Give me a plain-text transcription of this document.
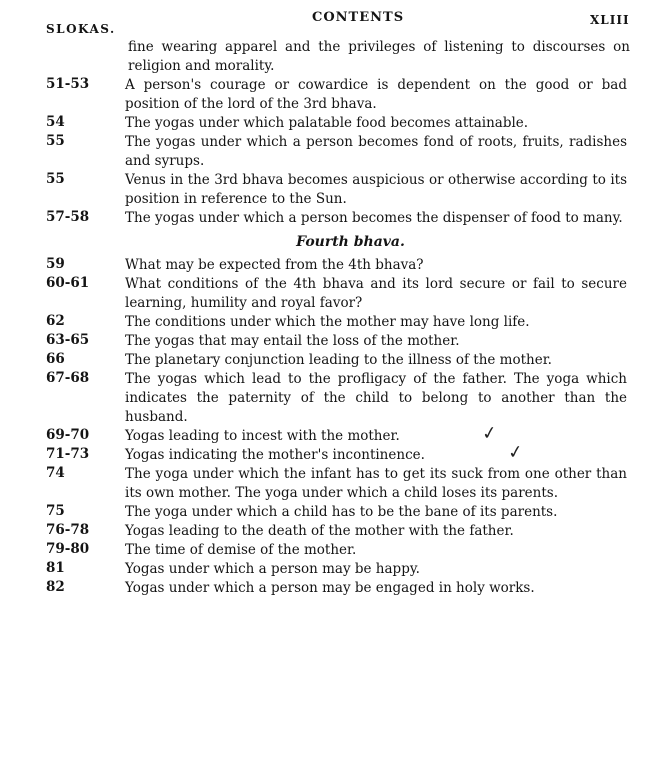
SLOKAS.
CONTENTS	XLIII
fine wearing apparel and the privileges of listening to discourses on religion and morality.
51-53	A person's courage or cowardice is dependent on the good or bad position of the lord of the 3rd bhava.
54	The yogas under which palatable food becomes attainable.
55	The yogas under which a person becomes fond of roots, fruits, radishes and syrups.
55	Venus in the 3rd bhava becomes auspicious or otherwise according to its position in reference to the Sun.
57-58	The yogas under which a person becomes the dispenser of food to many.
Fourth bhava.
59	What may be expected from the 4th bhava?
60-61	What conditions of the 4th bhava and its lord secure or fail to secure learning, humility and royal favor?
62	The conditions under which the mother may have long life.
63-65	The yogas that may entail the loss of the mother.
66	The planetary conjunction leading to the illness of the mother.
67-68	The yogas which lead to the profligacy of the father. The yoga which indicates the paternity of the child to belong to another than the husband.
69-70	Yogas leading to incest with the mother.	✓
71-73	Yogas indicating the mother's incontinence.	✓
74	The yoga under which the infant has to get its suck from one other than its own mother. The yoga under which a child loses its parents.
75	The yoga under which a child has to be the bane of its parents.
76-78	Yogas leading to the death of the mother with the father.
79-80	The time of demise of the mother.
81	Yogas under which a person may be happy.
82	Yogas under which a person may be engaged in holy works.
